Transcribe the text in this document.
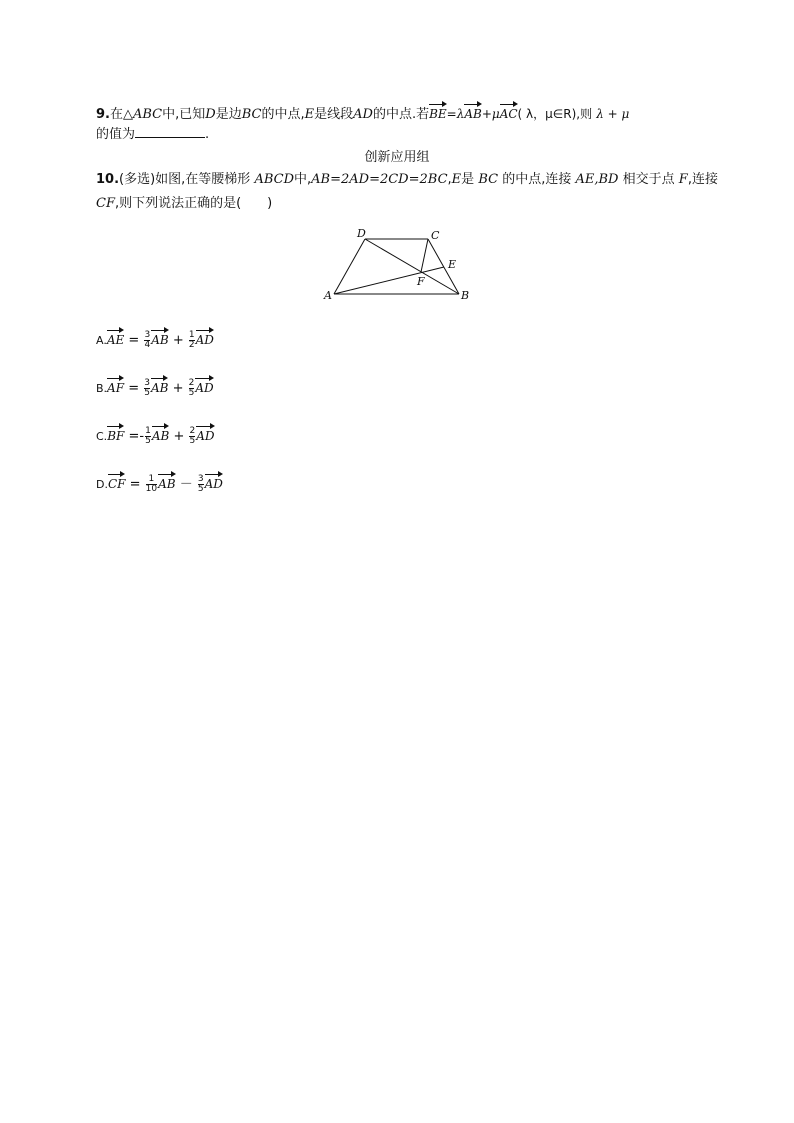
9.在△ABC中,已知D是边BC的中点,E是线段AD的中点.若BE=λAB+μAC( λ，μ∈R),则 λ + μ
的值为	.
创新应用组
10.(多选)如图,在等腰梯形 ABCD中,AB=2AD=2CD=2BC,E是 BC 的中点,连接 AE,BD 相交于点 F,连接
CF,则下列说法正确的是(　　)
A	B
C
D
E
F
$A.AE = \frac{3}{4}$ AB + $\frac{1}{2}$ AD
$B.AF = \frac{3}{5}$ AB + $\frac{2}{5}$ AD
$C.BF =- \frac{1}{5}$ AB + $\frac{2}{5}$ AD
$D.CF = \frac{1}{10}$ AB － $\frac{3}{5}$ AD
